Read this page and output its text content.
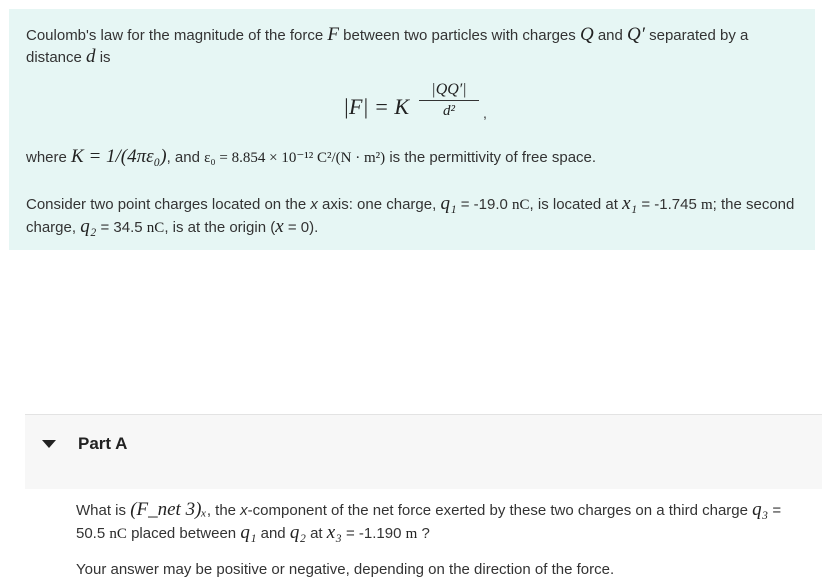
Coulomb's law for the magnitude of the force F between two particles with charges Q and Q′ separated by a distance d is
|F| = K $\frac{|QQ'|}{\text{d²}}$ ,
where K = 1/(4πε₀), and ε₀ = 8.854 × 10⁻¹² C²/(N · m²) is the permittivity of free space.
Consider two point charges located on the x axis: one charge, q₁ = -19.0 nC, is located at x₁ = -1.745 m; the second charge, q₂ = 34.5 nC, is at the origin (x = 0).
Part A
What is (F_net 3)ₓ, the x-component of the net force exerted by these two charges on a third charge q₃ = 50.5 nC placed between q₁ and q₂ at x₃ = -1.190 m ?
Your answer may be positive or negative, depending on the direction of the force.
